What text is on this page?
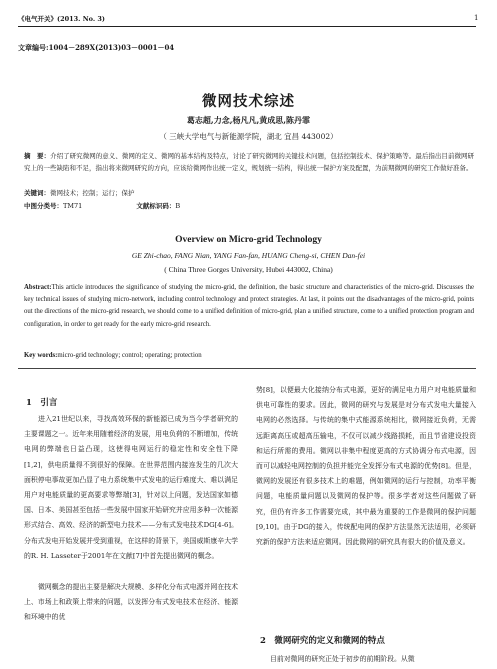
《电气开关》(2013. No. 3)	1
文章编号:1004－289X(2013)03－0001－04
微网技术综述
葛志超,力念,杨凡凡,黄成思,陈丹霏
（ 三峡大学电气与新能源学院，湖北 宜昌 443002）
摘　要：介绍了研究微网的意义、微网的定义、微网的基本结构及特点，讨论了研究微网的关键技术问题，包括控制技术、保护策略等。最后指出目前微网研究上的一些缺陷和不足，指出将来微网研究的方向，应该给微网作出统一定义，规划统一结构，得出统一保护方案及配置，为前期微网的研究工作做好准备。
关键词：微网技术；控制；运行；保护
中图分类号：TM71	文献标识码：B
Overview on Micro-grid Technology
GE Zhi-chao, FANG Nian, YANG Fan-fan, HUANG Cheng-si, CHEN Dan-fei
( China Three Gorges University, Hubei 443002, China)
Abstract:This article introduces the significance of studying the micro-grid, the definition, the basic structure and characteristics of the micro-grid. Discusses the key technical issues of studying micro-network, including control technology and protect strategies. At last, it points out the disadvantages of the micro-grid, points out the directions of the micro-grid research, we should come to a unified definition of micro-grid, plan a unified structure, come to a unified protection program and configuration, in order to get ready for the early micro-grid research.
Key words:micro-grid technology; control; operating; protection
1　引言
进入21世纪以来，寻找高效环保的新能源已成为当今学者研究的主要课题之一。近年来用随着经济的发展，用电负荷的不断增加，传统电网的弊端也日益凸现，这使得电网运行的稳定性和安全性下降[1,2]，供电质量得不到很好的保障。在世界范围内接连发生的几次大面积停电事故更加凸显了电力系统集中式发电的运行难度大、难以满足用户对电能质量的更高要求等弊端[3]，针对以上问题，发达国家如德国、日本、美国甚至包括一些发展中国家开始研究并应用多种一次能源形式结合、高效、经济的新型电力技术——分布式发电技术DG[4-6]。分布式发电开始发展并受到重视，在这样的背景下，美国威斯康辛大学的R. H. Lasseter于2001年在文献[7]中首先提出微网的概念。
微网概念的提出主要是解决大规模、多样化分布式电源并网在技术上、市场上和政策上带来的问题，以发挥分布式发电技术在经济、能源和环境中的优
势[8]，以便最大化接纳分布式电源，更好的满足电力用户对电能质量和供电可靠性的要求。因此，微网的研究与发展是对分布式发电大量接入电网的必然选择。与传统的集中式能源系统相比，微网接近负荷，无需远距离高压或超高压输电，不仅可以减少线路损耗，而且节省建设投资和运行所需的费用。微网以非集中程度更高的方式协调分布式电源，因而可以减轻电网控制的负担并能完全发挥分布式电源的优势[8]。但是，微网的发展还有很多技术上的难题，例如微网的运行与控制，功率平衡问题，电能质量问题以及微网的保护等。很多学者对这些问题做了研究，但仍有许多工作需要完成，其中最为重要的工作是微网的保护问题[9,10]。由于DG的接入，传统配电网的保护方法显然无法适用，必须研究新的保护方法来适应微网。因此微网的研究具有很大的价值及意义。
2　微网研究的定义和微网的特点
目前对微网的研究正处于初步的前期阶段。从微
